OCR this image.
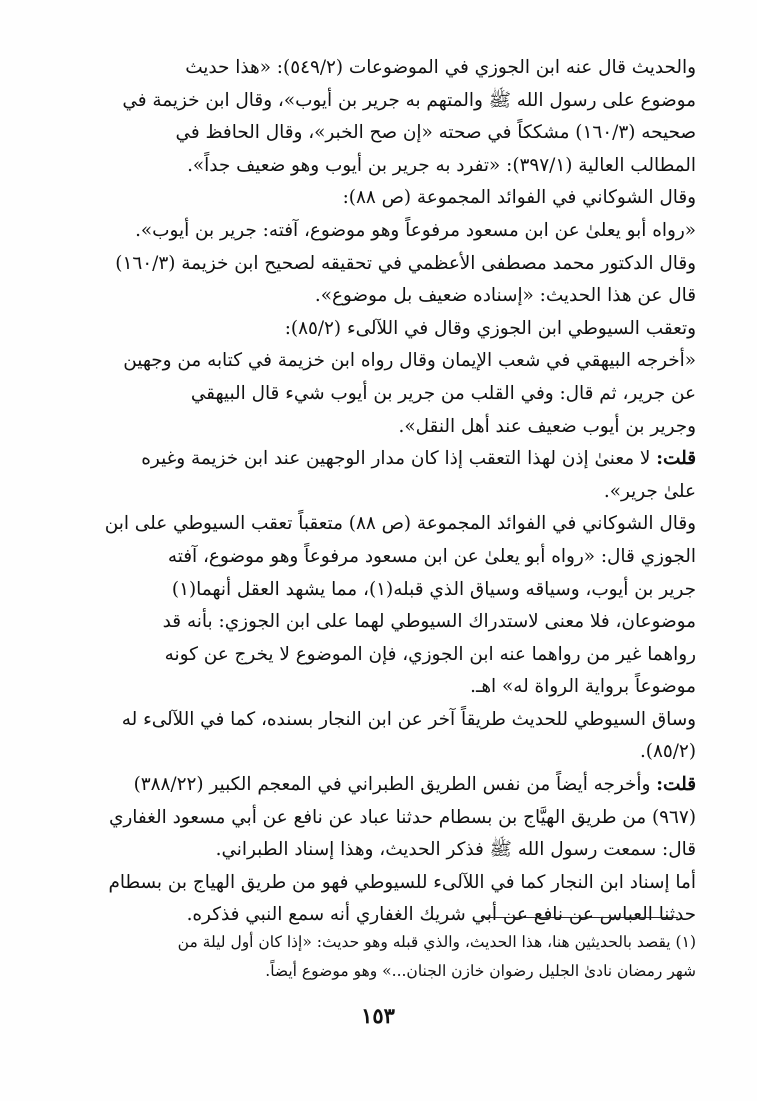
والحديث قال عنه ابن الجوزي في الموضوعات (٥٤٩/٢): «هذا حديث
موضوع على رسول الله ﷺ والمتهم به جرير بن أيوب»، وقال ابن خزيمة في
صحيحه (١٦٠/٣) مشككاً في صحته «إن صح الخبر»، وقال الحافظ في
المطالب العالية (٣٩٧/١): «تفرد به جرير بن أيوب وهو ضعيف جداً».

وقال الشوكاني في الفوائد المجموعة (ص ٨٨):

«رواه أبو يعلىٰ عن ابن مسعود مرفوعاً وهو موضوع، آفته: جرير بن أيوب».

وقال الدكتور محمد مصطفى الأعظمي في تحقيقه لصحيح ابن خزيمة (١٦٠/٣)
قال عن هذا الحديث: «إسناده ضعيف بل موضوع».

وتعقب السيوطي ابن الجوزي وقال في اللآلىء (٨٥/٢):

«أخرجه البيهقي في شعب الإيمان وقال رواه ابن خزيمة في كتابه من وجهين
عن جرير، ثم قال: وفي القلب من جرير بن أيوب شيء قال البيهقي
وجرير بن أيوب ضعيف عند أهل النقل».

قلت: لا معنىٰ إذن لهذا التعقب إذا كان مدار الوجهين عند ابن خزيمة وغيره
علىٰ جرير».

وقال الشوكاني في الفوائد المجموعة (ص ٨٨) متعقباً تعقب السيوطي على ابن
الجوزي قال: «رواه أبو يعلىٰ عن ابن مسعود مرفوعاً وهو موضوع، آفته
جرير بن أيوب، وسياقه وسياق الذي قبله(١)، مما يشهد العقل أنهما(١)
موضوعان، فلا معنى لاستدراك السيوطي لهما على ابن الجوزي: بأنه قد
رواهما غير من رواهما عنه ابن الجوزي، فإن الموضوع لا يخرج عن كونه
موضوعاً برواية الرواة له» اهـ.

وساق السيوطي للحديث طريقاً آخر عن ابن النجار بسنده، كما في اللآلىء له
(٨٥/٢).

قلت: وأخرجه أيضاً من نفس الطريق الطبراني في المعجم الكبير (٣٨٨/٢٢)
(٩٦٧) من طريق الهيَّاج بن بسطام حدثنا عباد عن نافع عن أبي مسعود الغفاري
قال: سمعت رسول الله ﷺ فذكر الحديث، وهذا إسناد الطبراني.

أما إسناد ابن النجار كما في اللآلىء للسيوطي فهو من طريق الهياج بن بسطام
حدثنا العباس عن نافع عن أبي شريك الغفاري أنه سمع النبي فذكره.

(١) يقصد بالحديثين هنا، هذا الحديث، والذي قبله وهو حديث: «إذا كان أول ليلة من
شهر رمضان نادىٰ الجليل رضوان خازن الجنان...» وهو موضوع أيضاً.

١٥٣
